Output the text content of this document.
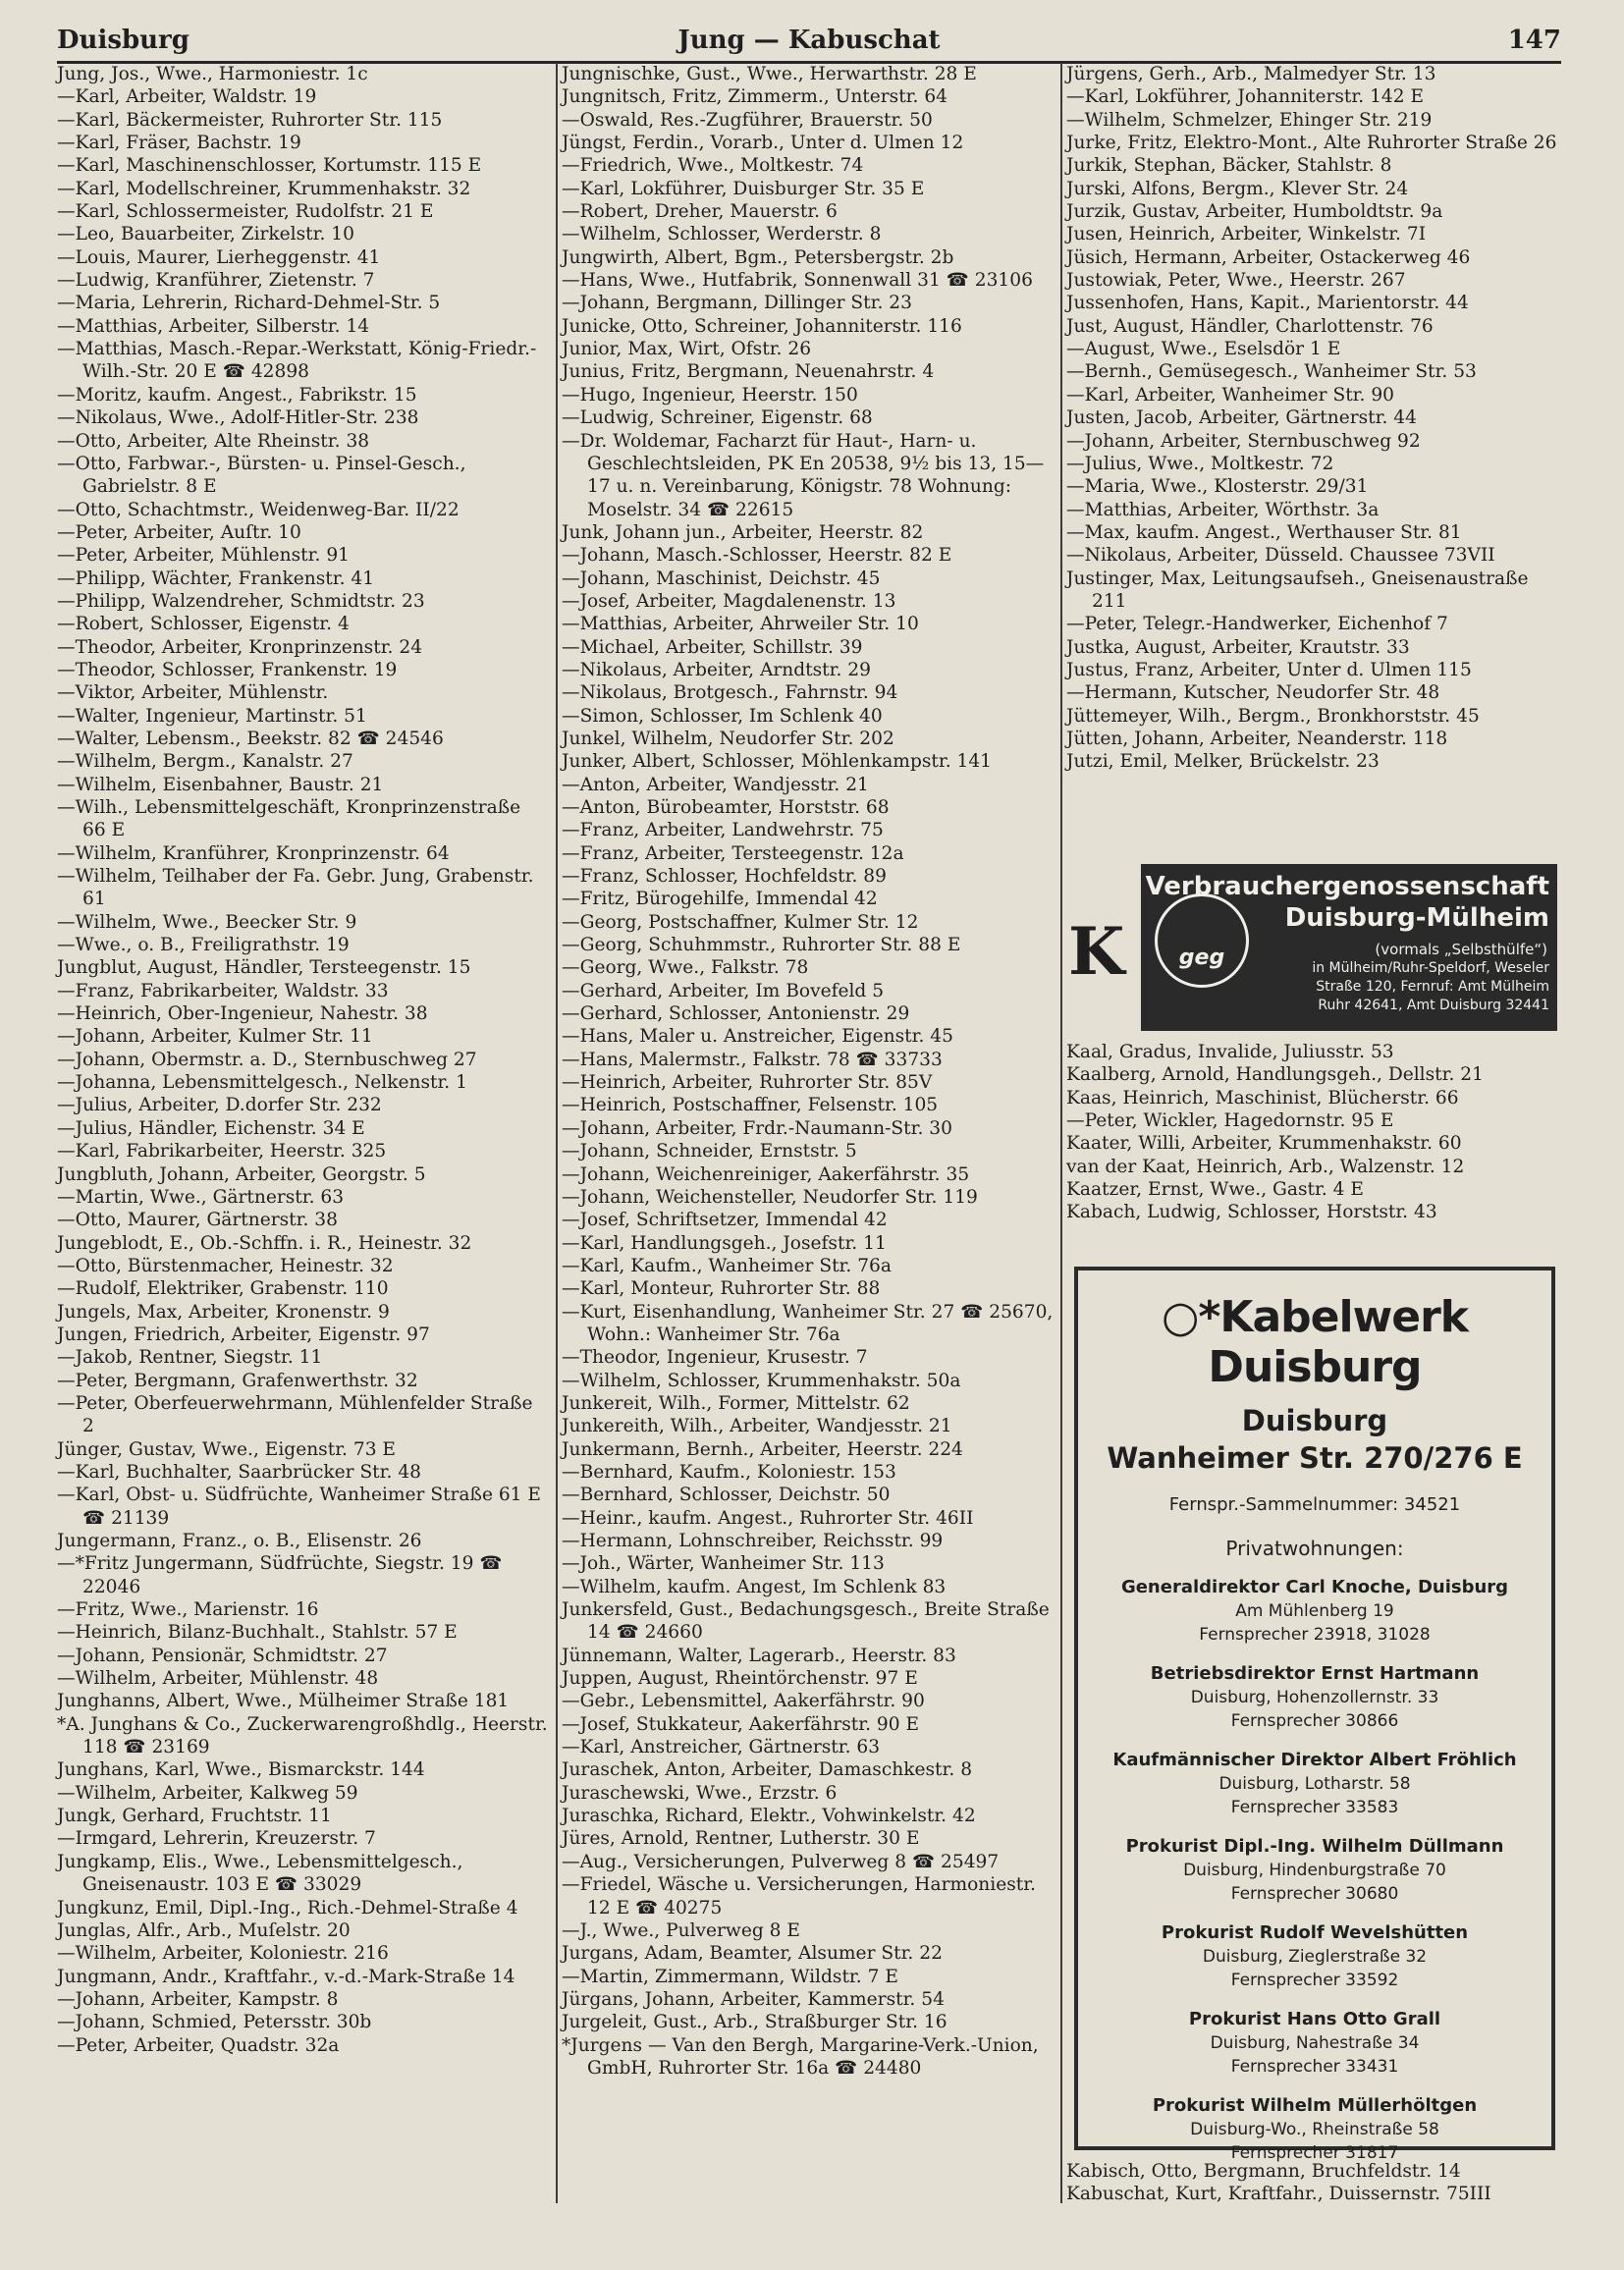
Duisburg	Jung — Kabuschat	147

Jung, Jos., Wwe., Harmoniestr. 1c

—Karl, Arbeiter, Waldstr. 19

—Karl, Bäckermeister, Ruhrorter Str. 115

—Karl, Fräser, Bachstr. 19

—Karl, Maschinenschlosser, Kortumstr. 115 E

—Karl, Modellschreiner, Krummenhakstr. 32

—Karl, Schlossermeister, Rudolfstr. 21 E

—Leo, Bauarbeiter, Zirkelstr. 10

—Louis, Maurer, Lierheggenstr. 41

—Ludwig, Kranführer, Zietenstr. 7

—Maria, Lehrerin, Richard-Dehmel-Str. 5

—Matthias, Arbeiter, Silberstr. 14

—Matthias, Masch.-Repar.-Werkstatt, König-Friedr.-Wilh.-Str. 20 E ☎ 42898

—Moritz, kaufm. Angest., Fabrikstr. 15

—Nikolaus, Wwe., Adolf-Hitler-Str. 238

—Otto, Arbeiter, Alte Rheinstr. 38

—Otto, Farbwar.-, Bürsten- u. Pinsel-Gesch., Gabrielstr. 8 E

—Otto, Schachtmstr., Weidenweg-Bar. II/22

—Peter, Arbeiter, Auſtr. 10

—Peter, Arbeiter, Mühlenstr. 91

—Philipp, Wächter, Frankenstr. 41

—Philipp, Walzendreher, Schmidtstr. 23

—Robert, Schlosser, Eigenstr. 4

—Theodor, Arbeiter, Kronprinzenstr. 24

—Theodor, Schlosser, Frankenstr. 19

—Viktor, Arbeiter, Mühlenstr.

—Walter, Ingenieur, Martinstr. 51

—Walter, Lebensm., Beekstr. 82 ☎ 24546

—Wilhelm, Bergm., Kanalstr. 27

—Wilhelm, Eisenbahner, Baustr. 21

—Wilh., Lebensmittelgeschäft, Kronprinzenstraße 66 E

—Wilhelm, Kranführer, Kronprinzenstr. 64

—Wilhelm, Teilhaber der Fa. Gebr. Jung, Grabenstr. 61

—Wilhelm, Wwe., Beecker Str. 9

—Wwe., o. B., Freiligrathstr. 19

Jungblut, August, Händler, Tersteegenstr. 15

—Franz, Fabrikarbeiter, Waldstr. 33

—Heinrich, Ober-Ingenieur, Nahestr. 38

—Johann, Arbeiter, Kulmer Str. 11

—Johann, Obermstr. a. D., Sternbuschweg 27

—Johanna, Lebensmittelgesch., Nelkenstr. 1

—Julius, Arbeiter, D.dorfer Str. 232

—Julius, Händler, Eichenstr. 34 E

—Karl, Fabrikarbeiter, Heerstr. 325

Jungbluth, Johann, Arbeiter, Georgstr. 5

—Martin, Wwe., Gärtnerstr. 63

—Otto, Maurer, Gärtnerstr. 38

Jungeblodt, E., Ob.-Schffn. i. R., Heinestr. 32

—Otto, Bürstenmacher, Heinestr. 32

—Rudolf, Elektriker, Grabenstr. 110

Jungels, Max, Arbeiter, Kronenstr. 9

Jungen, Friedrich, Arbeiter, Eigenstr. 97

—Jakob, Rentner, Siegstr. 11

—Peter, Bergmann, Grafenwerthstr. 32

—Peter, Oberfeuerwehrmann, Mühlenfelder Straße 2

Jünger, Gustav, Wwe., Eigenstr. 73 E

—Karl, Buchhalter, Saarbrücker Str. 48

—Karl, Obst- u. Südfrüchte, Wanheimer Straße 61 E ☎ 21139

Jungermann, Franz., o. B., Elisenstr. 26

—*Fritz Jungermann, Südfrüchte, Siegstr. 19 ☎ 22046

—Fritz, Wwe., Marienstr. 16

—Heinrich, Bilanz-Buchhalt., Stahlstr. 57 E

—Johann, Pensionär, Schmidtstr. 27

—Wilhelm, Arbeiter, Mühlenstr. 48

Junghanns, Albert, Wwe., Mülheimer Straße 181

*A. Junghans & Co., Zuckerwarengroßhdlg., Heerstr. 118 ☎ 23169

Junghans, Karl, Wwe., Bismarckstr. 144

—Wilhelm, Arbeiter, Kalkweg 59

Jungk, Gerhard, Fruchtstr. 11

—Irmgard, Lehrerin, Kreuzerstr. 7

Jungkamp, Elis., Wwe., Lebensmittelgesch., Gneisenaustr. 103 E ☎ 33029

Jungkunz, Emil, Dipl.-Ing., Rich.-Dehmel-Straße 4

Junglas, Alfr., Arb., Muſelstr. 20

—Wilhelm, Arbeiter, Koloniestr. 216

Jungmann, Andr., Kraftfahr., v.-d.-Mark-Straße 14

—Johann, Arbeiter, Kampstr. 8

—Johann, Schmied, Petersstr. 30b

—Peter, Arbeiter, Quadstr. 32a

Jungnischke, Gust., Wwe., Herwarthstr. 28 E

Jungnitsch, Fritz, Zimmerm., Unterstr. 64

—Oswald, Res.-Zugführer, Brauerstr. 50

Jüngst, Ferdin., Vorarb., Unter d. Ulmen 12

—Friedrich, Wwe., Moltkestr. 74

—Karl, Lokführer, Duisburger Str. 35 E

—Robert, Dreher, Mauerstr. 6

—Wilhelm, Schlosser, Werderstr. 8

Jungwirth, Albert, Bgm., Petersbergstr. 2b

—Hans, Wwe., Hutfabrik, Sonnenwall 31 ☎ 23106

—Johann, Bergmann, Dillinger Str. 23

Junicke, Otto, Schreiner, Johanniterstr. 116

Junior, Max, Wirt, Ofstr. 26

Junius, Fritz, Bergmann, Neuenahrstr. 4

—Hugo, Ingenieur, Heerstr. 150

—Ludwig, Schreiner, Eigenstr. 68

—Dr. Woldemar, Facharzt für Haut-, Harn- u. Geschlechtsleiden, PK En 20538, 9½ bis 13, 15—17 u. n. Vereinbarung, Königstr. 78 Wohnung: Moselstr. 34 ☎ 22615

Junk, Johann jun., Arbeiter, Heerstr. 82

—Johann, Masch.-Schlosser, Heerstr. 82 E

—Johann, Maschinist, Deichstr. 45

—Josef, Arbeiter, Magdalenenstr. 13

—Matthias, Arbeiter, Ahrweiler Str. 10

—Michael, Arbeiter, Schillstr. 39

—Nikolaus, Arbeiter, Arndtstr. 29

—Nikolaus, Brotgesch., Fahrnstr. 94

—Simon, Schlosser, Im Schlenk 40

Junkel, Wilhelm, Neudorfer Str. 202

Junker, Albert, Schlosser, Möhlenkampstr. 141

—Anton, Arbeiter, Wandjesstr. 21

—Anton, Bürobeamter, Horststr. 68

—Franz, Arbeiter, Landwehrstr. 75

—Franz, Arbeiter, Tersteegenstr. 12a

—Franz, Schlosser, Hochfeldstr. 89

—Fritz, Bürogehilfe, Immendal 42

—Georg, Postschaffner, Kulmer Str. 12

—Georg, Schuhmmstr., Ruhrorter Str. 88 E

—Georg, Wwe., Falkstr. 78

—Gerhard, Arbeiter, Im Bovefeld 5

—Gerhard, Schlosser, Antonienstr. 29

—Hans, Maler u. Anstreicher, Eigenstr. 45

—Hans, Malermstr., Falkstr. 78 ☎ 33733

—Heinrich, Arbeiter, Ruhrorter Str. 85V

—Heinrich, Postschaffner, Felsenstr. 105

—Johann, Arbeiter, Frdr.-Naumann-Str. 30

—Johann, Schneider, Ernststr. 5

—Johann, Weichenreiniger, Aakerfährstr. 35

—Johann, Weichensteller, Neudorfer Str. 119

—Josef, Schriftsetzer, Immendal 42

—Karl, Handlungsgeh., Josefstr. 11

—Karl, Kaufm., Wanheimer Str. 76a

—Karl, Monteur, Ruhrorter Str. 88

—Kurt, Eisenhandlung, Wanheimer Str. 27 ☎ 25670, Wohn.: Wanheimer Str. 76a

—Theodor, Ingenieur, Krusestr. 7

—Wilhelm, Schlosser, Krummenhakstr. 50a

Junkereit, Wilh., Former, Mittelstr. 62

Junkereith, Wilh., Arbeiter, Wandjesstr. 21

Junkermann, Bernh., Arbeiter, Heerstr. 224

—Bernhard, Kaufm., Koloniestr. 153

—Bernhard, Schlosser, Deichstr. 50

—Heinr., kaufm. Angest., Ruhrorter Str. 46II

—Hermann, Lohnschreiber, Reichsstr. 99

—Joh., Wärter, Wanheimer Str. 113

—Wilhelm, kaufm. Angest, Im Schlenk 83

Junkersfeld, Gust., Bedachungsgesch., Breite Straße 14 ☎ 24660

Jünnemann, Walter, Lagerarb., Heerstr. 83

Juppen, August, Rheintörchenstr. 97 E

—Gebr., Lebensmittel, Aakerfährstr. 90

—Josef, Stukkateur, Aakerfährstr. 90 E

—Karl, Anstreicher, Gärtnerstr. 63

Juraschek, Anton, Arbeiter, Damaschkestr. 8

Juraschewski, Wwe., Erzstr. 6

Juraschka, Richard, Elektr., Vohwinkelstr. 42

Jüres, Arnold, Rentner, Lutherstr. 30 E

—Aug., Versicherungen, Pulverweg 8 ☎ 25497

—Friedel, Wäsche u. Versicherungen, Harmoniestr. 12 E ☎ 40275

—J., Wwe., Pulverweg 8 E

Jurgans, Adam, Beamter, Alsumer Str. 22

—Martin, Zimmermann, Wildstr. 7 E

Jürgans, Johann, Arbeiter, Kammerstr. 54

Jurgeleit, Gust., Arb., Straßburger Str. 16

*Jurgens — Van den Bergh, Margarine-Verk.-Union, GmbH, Ruhrorter Str. 16a ☎ 24480

Jürgens, Gerh., Arb., Malmedyer Str. 13

—Karl, Lokführer, Johanniterstr. 142 E

—Wilhelm, Schmelzer, Ehinger Str. 219

Jurke, Fritz, Elektro-Mont., Alte Ruhrorter Straße 26

Jurkik, Stephan, Bäcker, Stahlstr. 8

Jurski, Alfons, Bergm., Klever Str. 24

Jurzik, Gustav, Arbeiter, Humboldtstr. 9a

Jusen, Heinrich, Arbeiter, Winkelstr. 7I

Jüsich, Hermann, Arbeiter, Ostackerweg 46

Justowiak, Peter, Wwe., Heerstr. 267

Jussenhofen, Hans, Kapit., Marientorstr. 44

Just, August, Händler, Charlottenstr. 76

—August, Wwe., Eselsdör 1 E

—Bernh., Gemüsegesch., Wanheimer Str. 53

—Karl, Arbeiter, Wanheimer Str. 90

Justen, Jacob, Arbeiter, Gärtnerstr. 44

—Johann, Arbeiter, Sternbuschweg 92

—Julius, Wwe., Moltkestr. 72

—Maria, Wwe., Klosterstr. 29/31

—Matthias, Arbeiter, Wörthstr. 3a

—Max, kaufm. Angest., Werthauser Str. 81

—Nikolaus, Arbeiter, Düsseld. Chaussee 73VII

Justinger, Max, Leitungsaufseh., Gneisenaustraße 211

—Peter, Telegr.-Handwerker, Eichenhof 7

Justka, August, Arbeiter, Krautstr. 33

Justus, Franz, Arbeiter, Unter d. Ulmen 115

—Hermann, Kutscher, Neudorfer Str. 48

Jüttemeyer, Wilh., Bergm., Bronkhorststr. 45

Jütten, Johann, Arbeiter, Neanderstr. 118

Jutzi, Emil, Melker, Brückelstr. 23

K	geg
Verbrauchergenossenschaft
Duisburg-Mülheim
(vormals „Selbsthülfe“)
in Mülheim/Ruhr-Speldorf, Weseler
Straße 120, Fernruf: Amt Mülheim
Ruhr 42641, Amt Duisburg 32441

Kaal, Gradus, Invalide, Juliusstr. 53

Kaalberg, Arnold, Handlungsgeh., Dellstr. 21

Kaas, Heinrich, Maschinist, Blücherstr. 66

—Peter, Wickler, Hagedornstr. 95 E

Kaater, Willi, Arbeiter, Krummenhakstr. 60

van der Kaat, Heinrich, Arb., Walzenstr. 12

Kaatzer, Ernst, Wwe., Gastr. 4 E

Kabach, Ludwig, Schlosser, Horststr. 43

○*Kabelwerk Duisburg
Duisburg
Wanheimer Str. 270/276 E
Fernspr.-Sammelnummer: 34521
Privatwohnungen:
Generaldirektor Carl Knoche, Duisburg
Am Mühlenberg 19
Fernsprecher 23918, 31028
Betriebsdirektor Ernst Hartmann
Duisburg, Hohenzollernstr. 33
Fernsprecher 30866
Kaufmännischer Direktor Albert Fröhlich
Duisburg, Lotharstr. 58
Fernsprecher 33583
Prokurist Dipl.-Ing. Wilhelm Düllmann
Duisburg, Hindenburgstraße 70
Fernsprecher 30680
Prokurist Rudolf Wevelshütten
Duisburg, Zieglerstraße 32
Fernsprecher 33592
Prokurist Hans Otto Grall
Duisburg, Nahestraße 34
Fernsprecher 33431
Prokurist Wilhelm Müllerhöltgen
Duisburg-Wo., Rheinstraße 58
Fernsprecher 31817

Kabisch, Otto, Bergmann, Bruchfeldstr. 14

Kabuschat, Kurt, Kraftfahr., Duissernstr. 75III
